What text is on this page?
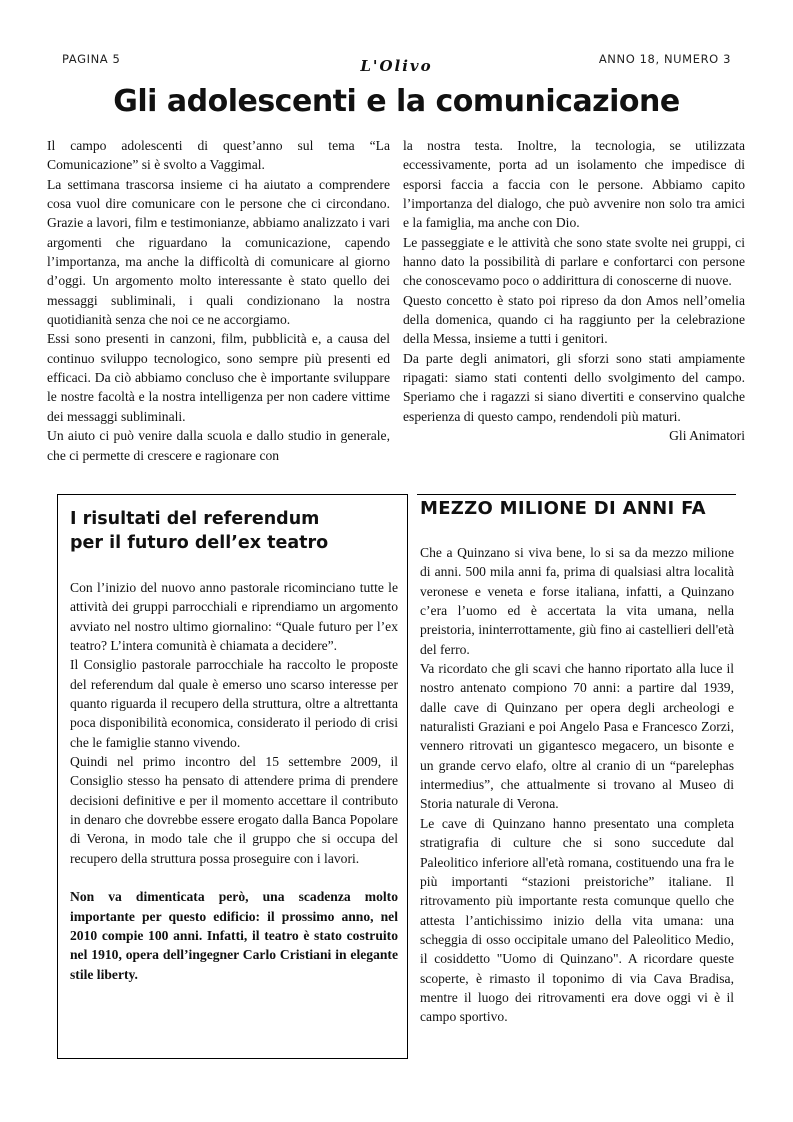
PAGINA 5	ANNO 18, NUMERO 3
L'Olivo
Gli adolescenti e la comunicazione

Il campo adolescenti di quest’anno sul tema “La Comunicazione” si è svolto a Vaggimal.

La settimana trascorsa insieme ci ha aiutato a comprendere cosa vuol dire comunicare con le persone che ci circondano. Grazie a lavori, film e testimonianze, abbiamo analizzato i vari argomenti che riguardano la comunicazione, capendo l’importanza, ma anche la difficoltà di comunicare al giorno d’oggi. Un argomento molto interessante è stato quello dei messaggi subliminali, i quali condizionano la nostra quotidianità senza che noi ce ne accorgiamo.

Essi sono presenti in canzoni, film, pubblicità e, a causa del continuo sviluppo tecnologico, sono sempre più presenti ed efficaci. Da ciò abbiamo concluso che è importante sviluppare le nostre facoltà e la nostra intelligenza per non cadere vittime dei messaggi subliminali.

Un aiuto ci può venire dalla scuola e dallo studio in generale, che ci permette di crescere e ragionare con

la nostra testa. Inoltre, la tecnologia, se utilizzata eccessivamente, porta ad un isolamento che impedisce di esporsi faccia a faccia con le persone. Abbiamo capito l’importanza del dialogo, che può avvenire non solo tra amici e la famiglia, ma anche con Dio.

Le passeggiate e le attività che sono state svolte nei gruppi, ci hanno dato la possibilità di parlare e confortarci con persone che conoscevamo poco o addirittura di conoscerne di nuove.

Questo concetto è stato poi ripreso da don Amos nell’omelia della domenica, quando ci ha raggiunto per la celebrazione della Messa, insieme a tutti i genitori.

Da parte degli animatori, gli sforzi sono stati ampiamente ripagati: siamo stati contenti dello svolgimento del campo. Speriamo che i ragazzi si siano divertiti e conservino qualche esperienza di questo campo, rendendoli più maturi.

Gli Animatori

I risultati del referendum
per il futuro dell’ex teatro

Con l’inizio del nuovo anno pastorale ricominciano tutte le attività dei gruppi parrocchiali e riprendiamo un argomento avviato nel nostro ultimo giornalino: “Quale futuro per l’ex teatro? L’intera comunità è chiamata a decidere”.

Il Consiglio pastorale parrocchiale ha raccolto le proposte del referendum dal quale è emerso uno scarso interesse per quanto riguarda il recupero della struttura, oltre a altrettanta poca disponibilità economica, considerato il periodo di crisi che le famiglie stanno vivendo.

Quindi nel primo incontro del 15 settembre 2009, il Consiglio stesso ha pensato di attendere prima di prendere decisioni definitive e per il momento accettare il contributo in denaro che dovrebbe essere erogato dalla Banca Popolare di Verona, in modo tale che il gruppo che si occupa del recupero della struttura possa proseguire con i lavori.

Non va dimenticata però, una scadenza molto importante per questo edificio: il prossimo anno, nel 2010 compie 100 anni. Infatti, il teatro è stato costruito nel 1910, opera dell’ingegner Carlo Cristiani in elegante stile liberty.

MEZZO MILIONE DI ANNI FA

Che a Quinzano si viva bene, lo si sa da mezzo milione di anni. 500 mila anni fa, prima di qualsiasi altra località veronese e veneta e forse italiana, infatti, a Quinzano c’era l’uomo ed è accertata la vita umana, nella preistoria, ininterrottamente, giù fino ai castellieri dell'età del ferro.

Va ricordato che gli scavi che hanno riportato alla luce il nostro antenato compiono 70 anni: a partire dal 1939, dalle cave di Quinzano per opera degli archeologi e naturalisti Graziani e poi Angelo Pasa e Francesco Zorzi, vennero ritrovati un gigantesco megacero, un bisonte e un grande cervo elafo, oltre al cranio di un “parelephas intermedius”, che attualmente si trovano al Museo di Storia naturale di Verona.

Le cave di Quinzano hanno presentato una completa stratigrafia di culture che si sono succedute dal Paleolitico inferiore all'età romana, costituendo una fra le più importanti “stazioni preistoriche” italiane. Il ritrovamento più importante resta comunque quello che attesta l’antichissimo inizio della vita umana: una scheggia di osso occipitale umano del Paleolitico Medio, il cosiddetto "Uomo di Quinzano". A ricordare queste scoperte, è rimasto il toponimo di via Cava Bradisa, mentre il luogo dei ritrovamenti era dove oggi vi è il campo sportivo.
